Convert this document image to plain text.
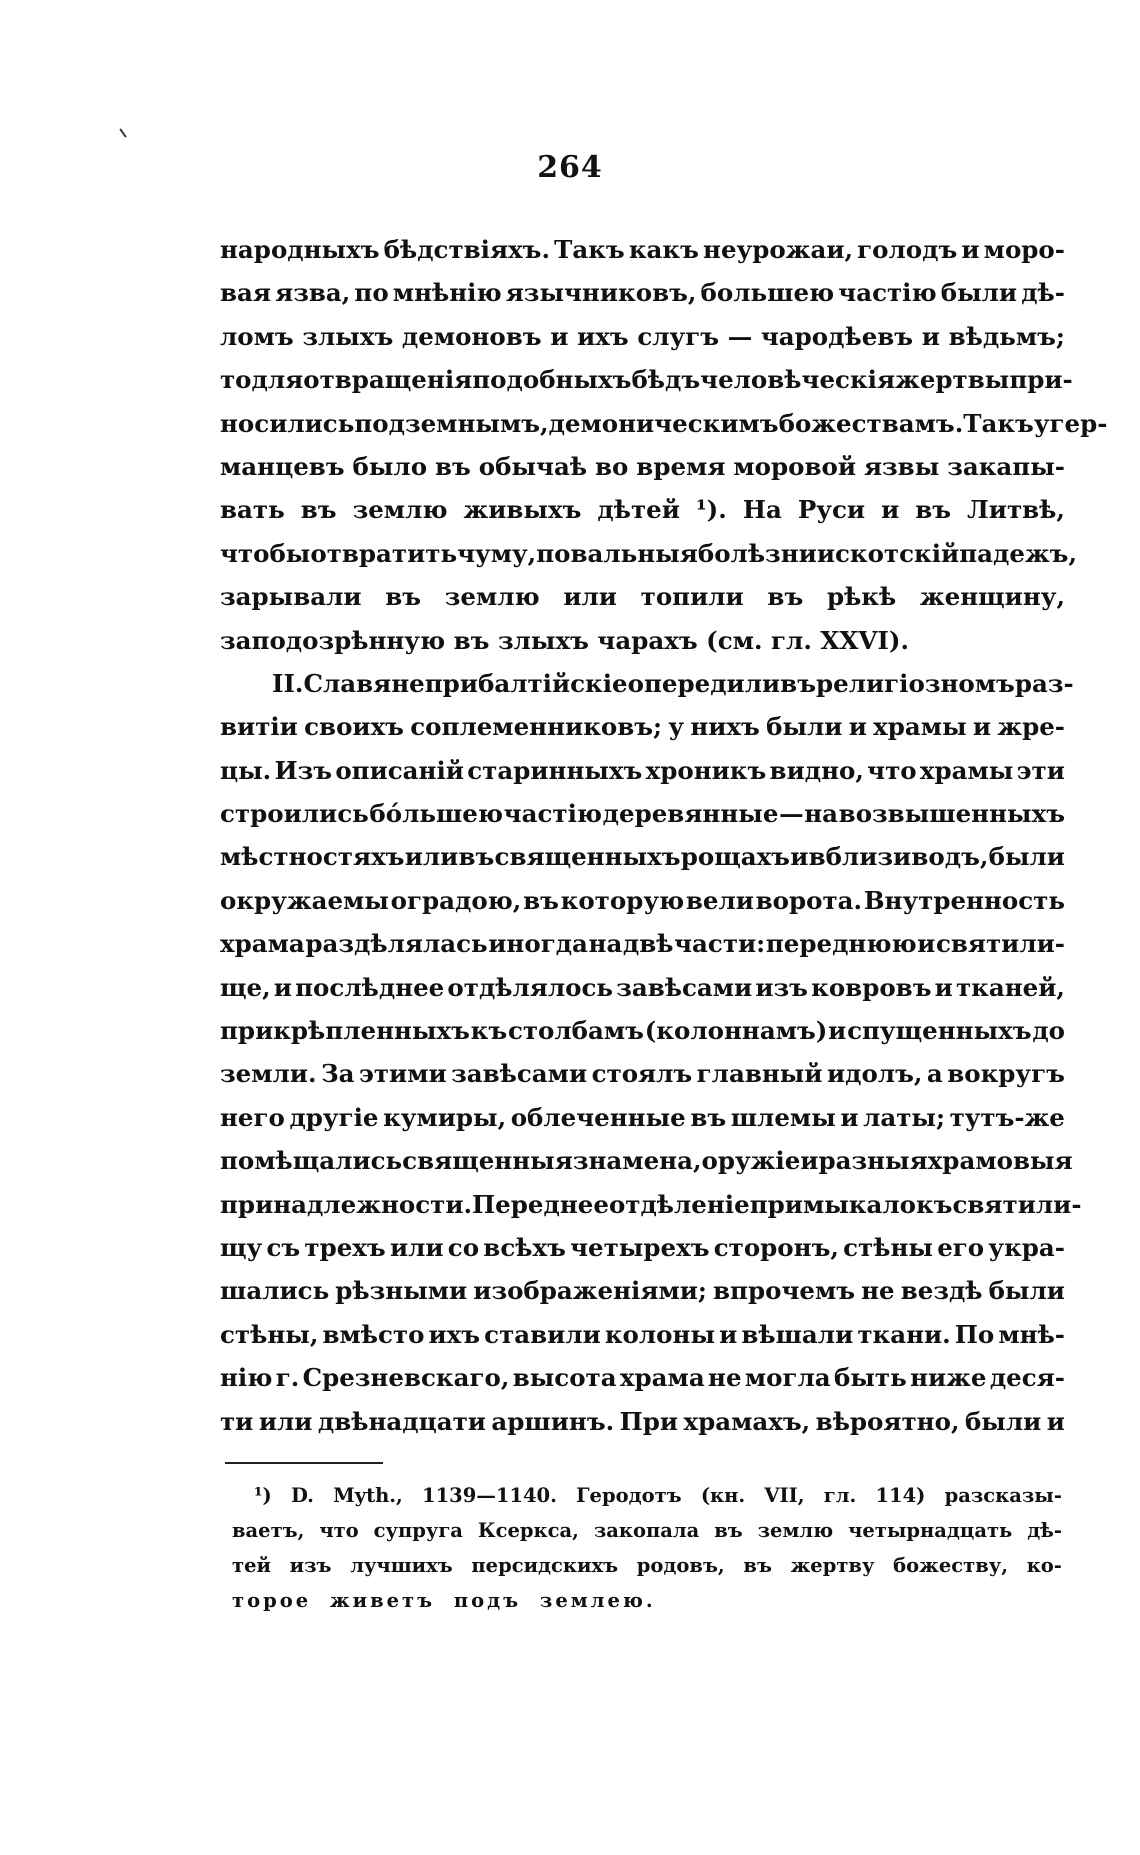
264
народныхъ бѣдствіяхъ. Такъ какъ неурожаи, голодъ и моро-
вая язва, по мнѣнію язычниковъ, большею частію были дѣ-
ломъ злыхъ демоновъ и ихъ слугъ — чародѣевъ и вѣдьмъ;
то для отвращенія подобныхъ бѣдъ человѣческія жертвы при-
носились подземнымъ, демоническимъ божествамъ. Такъ у гер-
манцевъ было въ обычаѣ во время моровой язвы закапы-
вать въ землю живыхъ дѣтей ¹). На Руси и въ Литвѣ,
чтобы отвратить чуму, повальныя болѣзни и скотскій падежъ,
зарывали въ землю или топили въ рѣкѣ женщину,
заподозрѣнную
въ
злыхъ
чарахъ
(см.
гл.
XXVI).
II. Славяне прибалтійскіе опередили въ религіозномъ раз-
витіи своихъ соплеменниковъ; у нихъ были и храмы и жре-
цы. Изъ описаній старинныхъ хроникъ видно, что храмы эти
строились бо́льшею частію деревянные — на возвышенныхъ
мѣстностяхъ или въ священныхъ рощахъ и вблизи водъ, были
окружаемы оградою, въ которую вели ворота. Внутренность
храма раздѣлялась иногда на двѣ части: переднюю и святили-
ще, и послѣднее отдѣлялось завѣсами изъ ковровъ и тканей,
прикрѣпленныхъ къ столбамъ (колоннамъ) и спущенныхъ до
земли. За этими завѣсами стоялъ главный идолъ, а вокругъ
него другіе кумиры, облеченные въ шлемы и латы; тутъ-же
помѣщались священныя знамена, оружіе и разныя храмовыя
принадлежности. Переднее отдѣленіе примыкало къ святили-
щу съ трехъ или со всѣхъ четырехъ сторонъ, стѣны его укра-
шались рѣзными изображеніями; впрочемъ не вездѣ были
стѣны, вмѣсто ихъ ставили колоны и вѣшали ткани. По мнѣ-
нію г. Срезневскаго, высота храма не могла быть ниже деся-
ти или двѣнадцати аршинъ. При храмахъ, вѣроятно, были и
¹) D. Myth., 1139—1140. Геродотъ (кн. VII, гл. 114) разсказы-
ваетъ, что супруга Ксеркса, закопала въ землю четырнадцать дѣ-
тей изъ лучшихъ персидскихъ родовъ, въ жертву божеству, ко-
торое
живетъ
подъ
землею.
